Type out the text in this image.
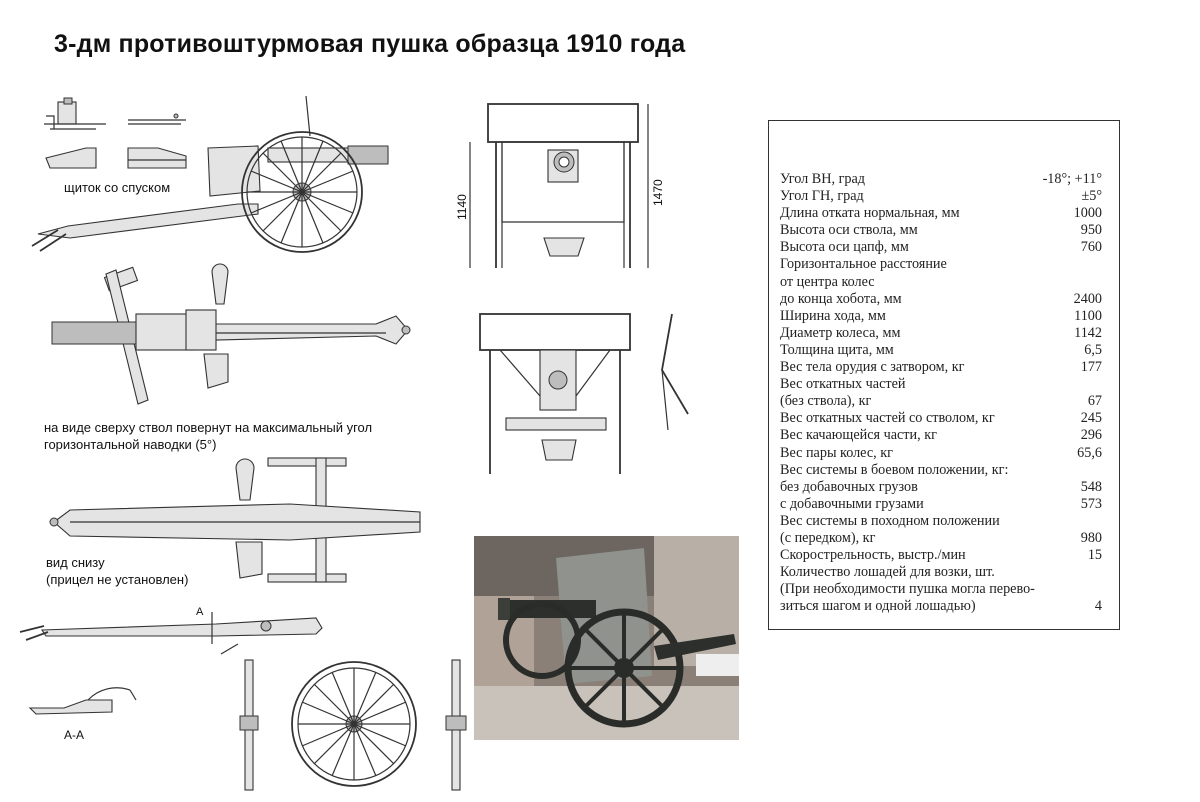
3-дм противоштурмовая пушка образца 1910 года
щиток со спуском
на виде сверху ствол повернут на максимальный угол
горизонтальной наводки (5°)
вид снизу
(прицел не установлен)
A
А-А
1140
1470
Угол ВН, град	-18°; +11°
Угол ГН, град	±5°
Длина отката нормальная, мм	1000
Высота оси ствола, мм	950
Высота оси цапф, мм	760
Горизонтальное расстояние
от центра колес
до конца хобота, мм	2400
Ширина хода, мм	1100
Диаметр колеса, мм	1142
Толщина щита, мм	6,5
Вес тела орудия с затвором, кг	177
Вес откатных частей
(без ствола), кг	67
Вес откатных частей со стволом, кг	245
Вес качающейся части, кг	296
Вес пары колес, кг	65,6
Вес системы в боевом положении, кг:
без добавочных грузов	548
с добавочными грузами	573
Вес системы в походном положении
(с передком), кг	980
Скорострельность, выстр./мин	15
Количество лошадей для возки, шт.
(При необходимости пушка могла перево-
зиться шагом и одной лошадью)	4
